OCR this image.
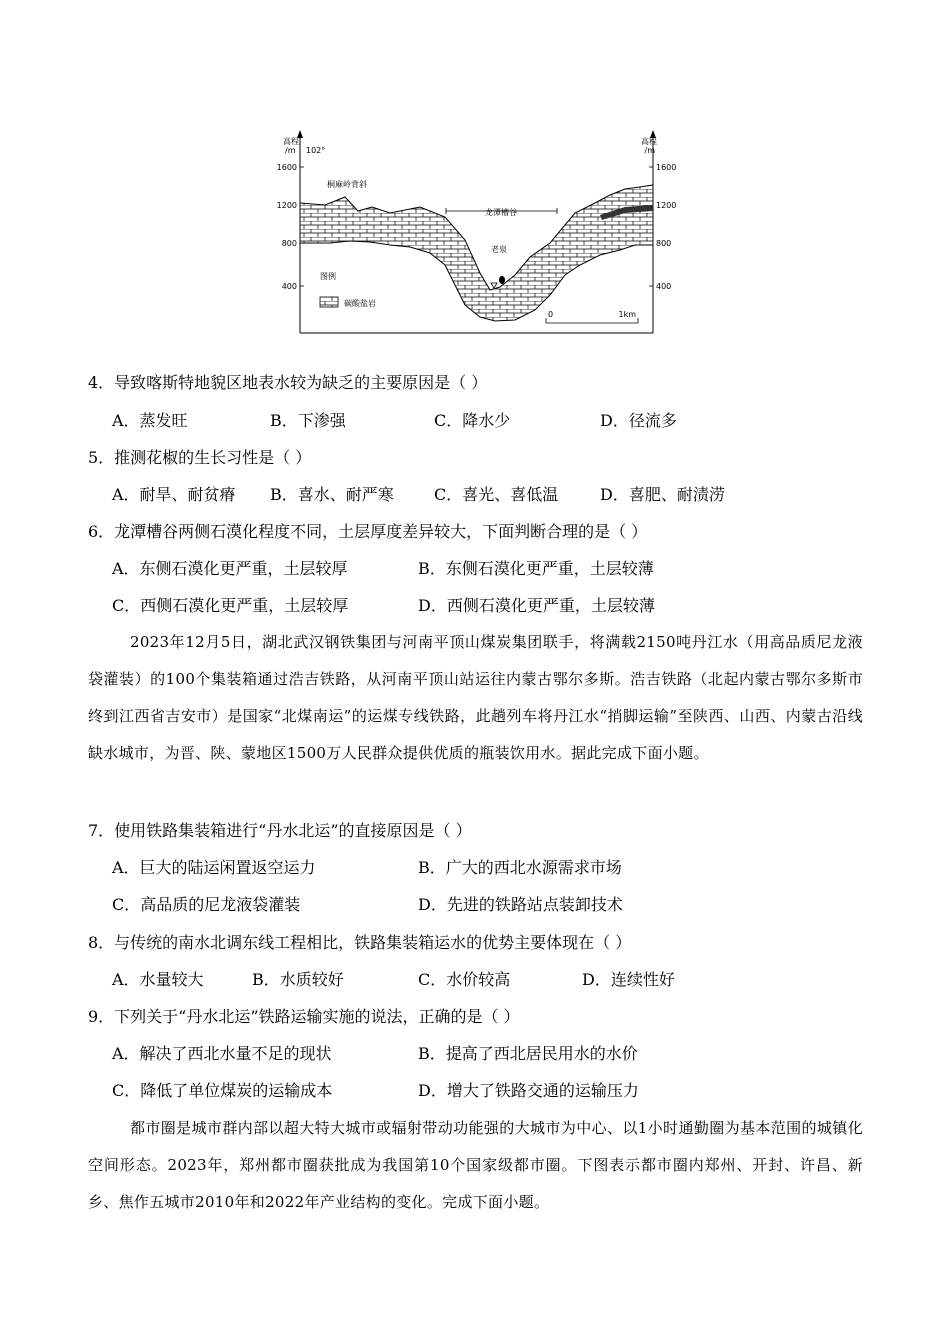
高程
/m
高程
/m
102°
1600
1200
800
400
1600
1200
800
400
桐麻岭背斜
龙潭槽谷
老泉
图例
碳酸盐岩
0	1km
4．导致喀斯特地貌区地表水较为缺乏的主要原因是（ ）
A．蒸发旺	B．下渗强	C．降水少	D．径流多
5．推测花椒的生长习性是（ ）
A．耐旱、耐贫瘠 B．喜水、耐严寒	C．喜光、喜低温	D．喜肥、耐渍涝
6．龙潭槽谷两侧石漠化程度不同，土层厚度差异较大，下面判断合理的是（ ）
A．东侧石漠化更严重，土层较厚	B．东侧石漠化更严重，土层较薄
C．西侧石漠化更严重，土层较厚	D．西侧石漠化更严重，土层较薄
2023年12月5日，湖北武汉钢铁集团与河南平顶山煤炭集团联手，将满载2150吨丹江水（用高品质尼龙液袋灌装）的100个集装箱通过浩吉铁路，从河南平顶山站运往内蒙古鄂尔多斯。浩吉铁路（北起内蒙古鄂尔多斯市终到江西省吉安市）是国家“北煤南运”的运煤专线铁路，此趟列车将丹江水“捎脚运输”至陕西、山西、内蒙古沿线缺水城市，为晋、陕、蒙地区1500万人民群众提供优质的瓶装饮用水。据此完成下面小题。
7．使用铁路集装箱进行“丹水北运”的直接原因是（ ）
A．巨大的陆运闲置返空运力	B．广大的西北水源需求市场
C．高品质的尼龙液袋灌装	D．先进的铁路站点装卸技术
8．与传统的南水北调东线工程相比，铁路集装箱运水的优势主要体现在（ ）
A．水量较大	B．水质较好	C．水价较高	D．连续性好
9．下列关于“丹水北运”铁路运输实施的说法，正确的是（ ）
A．解决了西北水量不足的现状	B．提高了西北居民用水的水价
C．降低了单位煤炭的运输成本	D．增大了铁路交通的运输压力
都市圈是城市群内部以超大特大城市或辐射带动功能强的大城市为中心、以1小时通勤圈为基本范围的城镇化空间形态。2023年，郑州都市圈获批成为我国第10个国家级都市圈。下图表示都市圈内郑州、开封、许昌、新乡、焦作五城市2010年和2022年产业结构的变化。完成下面小题。
